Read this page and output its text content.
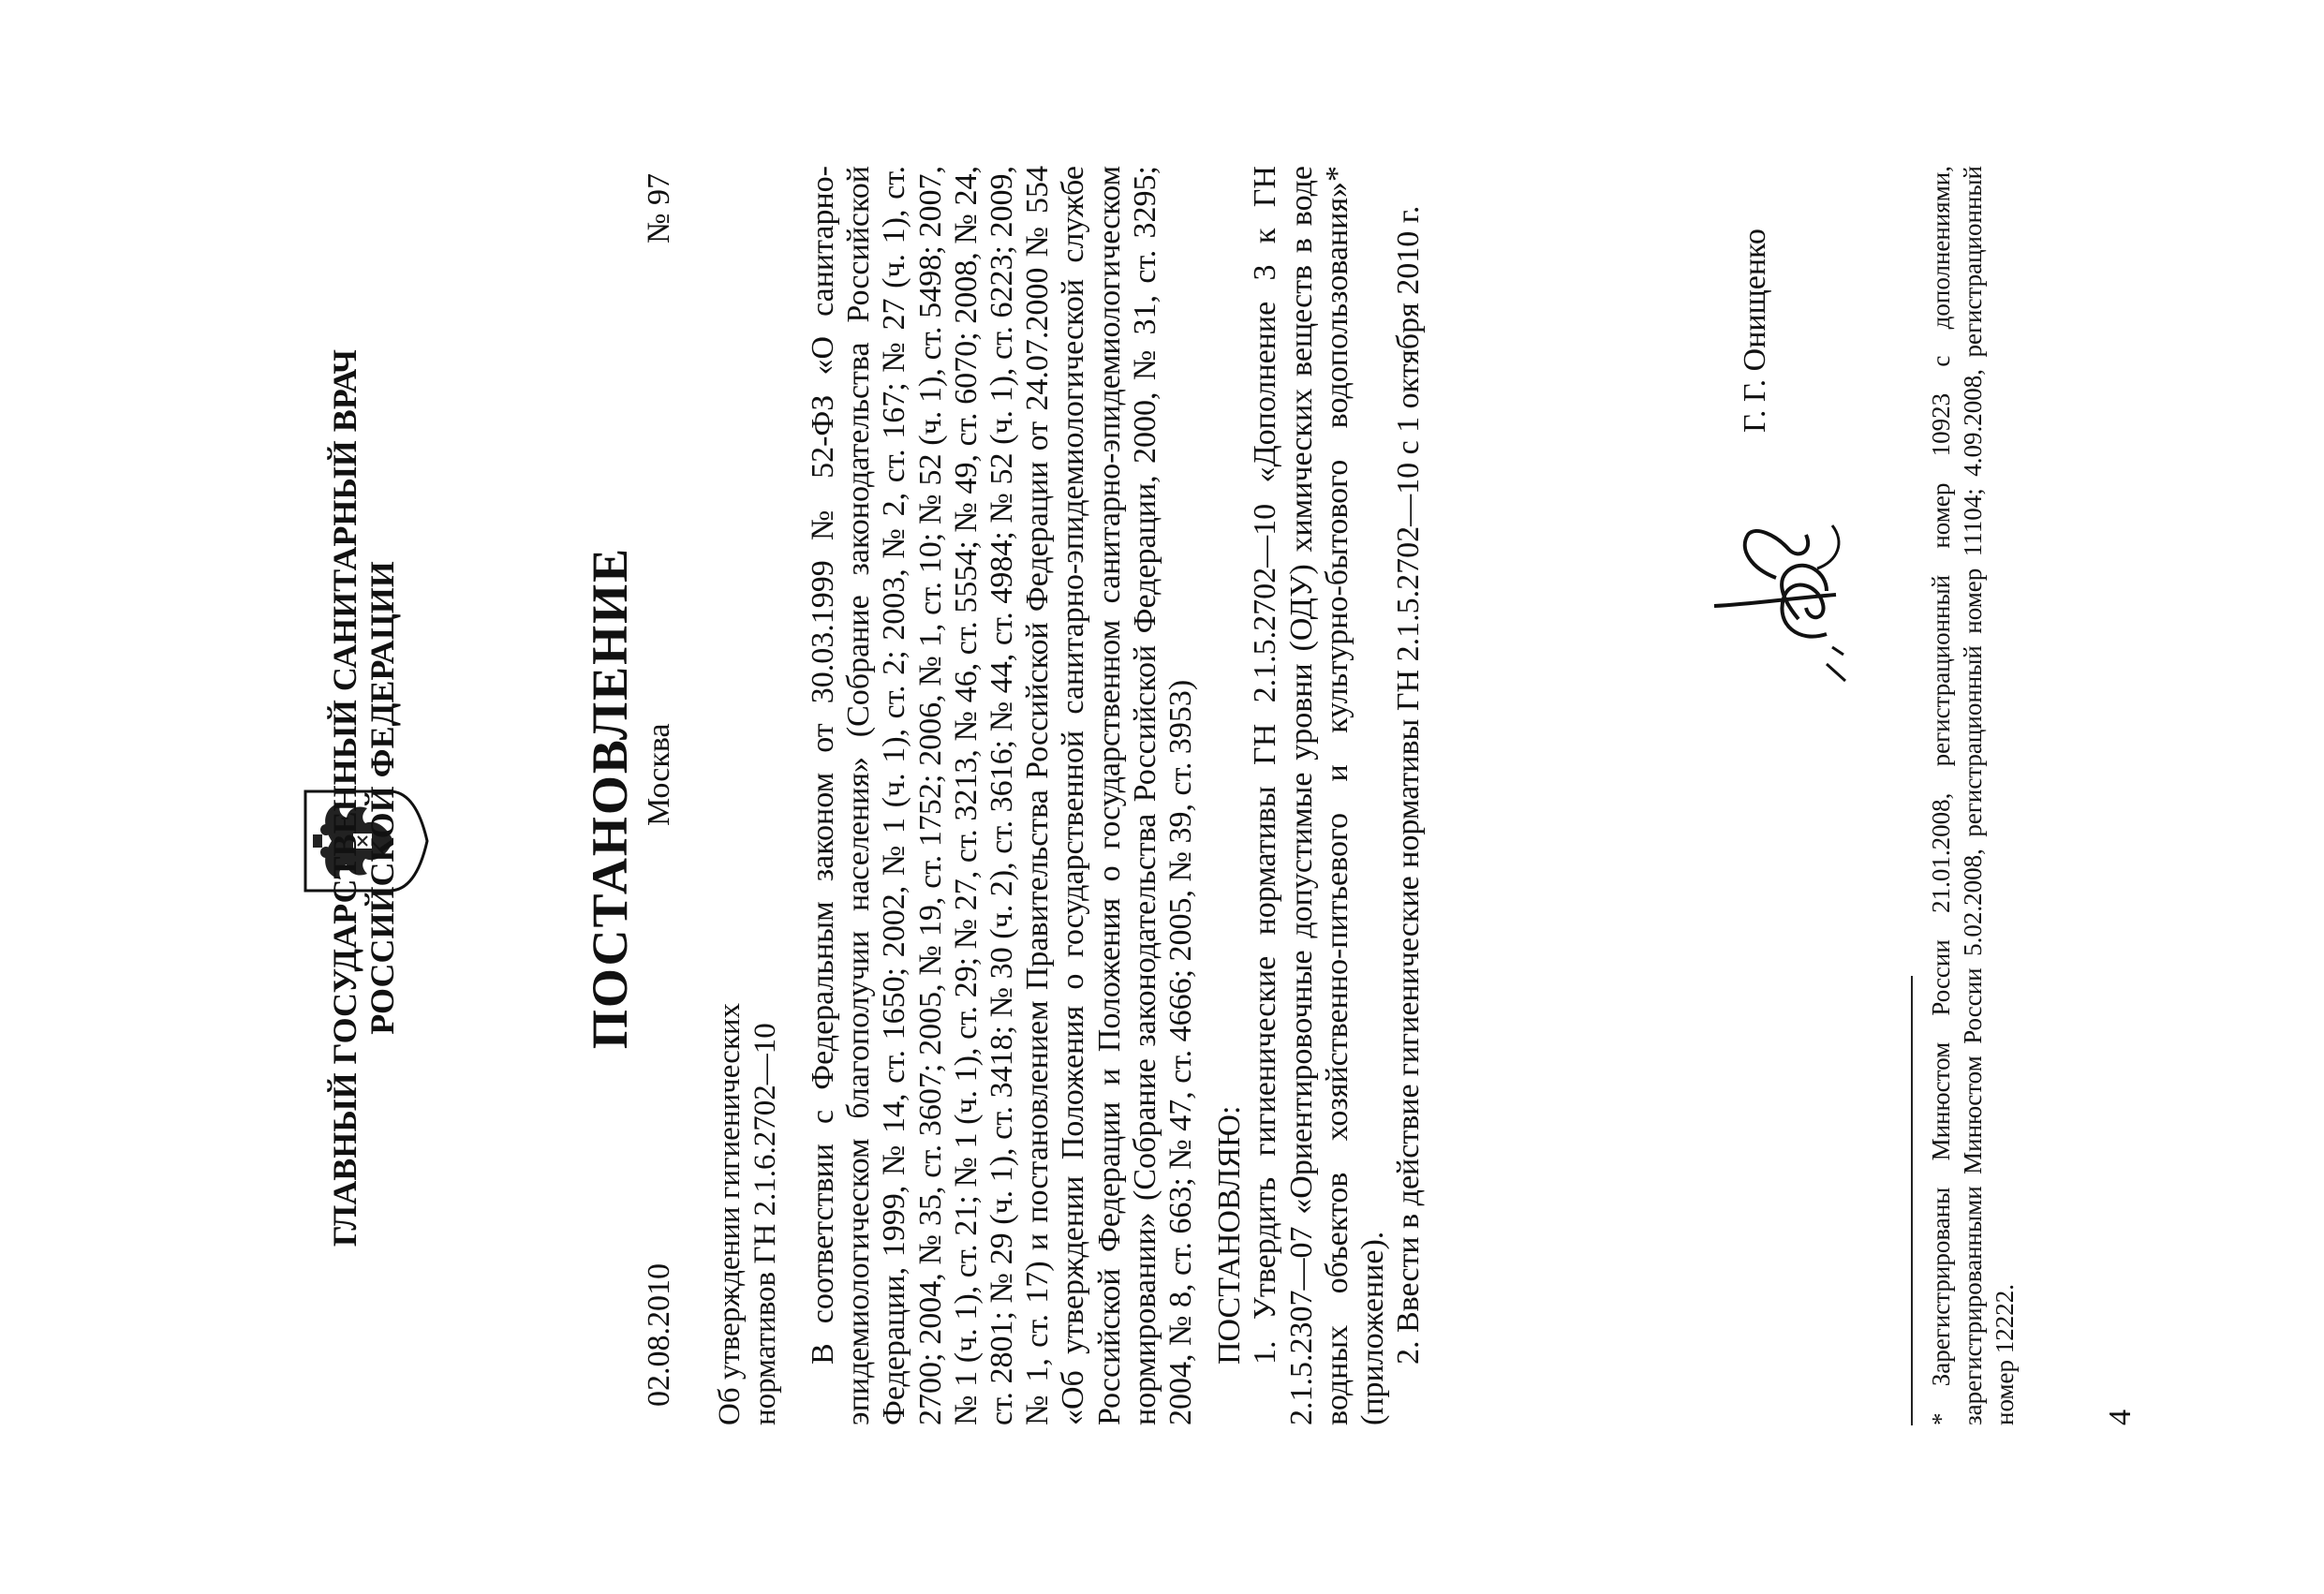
ГЛАВНЫЙ ГОСУДАРСТВЕННЫЙ САНИТАРНЫЙ ВРАЧ РОССИЙСКОЙ ФЕДЕРАЦИИ	ПОСТАНОВЛЕНИЕ
02.08.2010
Москва
№ 97
Об утверждении гигиенических нормативов ГН 2.1.6.2702—10 В соответствии с Федеральным законом от 30.03.1999 № 52-ФЗ «О санитарно-эпидемиологическом благополучии населения» (Собрание законодательства Российской Федерации, 1999, № 14, ст. 1650; 2002, № 1 (ч. 1), ст. 2; 2003, № 2, ст. 167; № 27 (ч. 1), ст. 2700; 2004, № 35, ст. 3607; 2005, № 19, ст. 1752; 2006, № 1, ст. 10; № 52 (ч. 1), ст. 5498; 2007, № 1 (ч. 1), ст. 21; № 1 (ч. 1), ст. 29; № 27, ст. 3213, № 46, ст. 5554; № 49, ст. 6070; 2008, № 24, ст. 2801; № 29 (ч. 1), ст. 3418; № 30 (ч. 2), ст. 3616; № 44, ст. 4984; № 52 (ч. 1), ст. 6223; 2009, № 1, ст. 17) и постановлением Правительства Российской Федерации от 24.07.2000 № 554 «Об утверждении Положения о государственной санитарно-эпидемиологической службе Российской Федерации и Положения о государственном санитарно-эпидемиологическом нормировании» (Собрание законодательства Российской Федерации, 2000, № 31, ст. 3295; 2004, № 8, ст. 663; № 47, ст. 4666; 2005, № 39, ст. 3953) ПОСТАНОВЛЯЮ: 1. Утвердить гигиенические нормативы ГН 2.1.5.2702—10 «Дополнение 3 к ГН 2.1.5.2307—07 «Ориентировочные допустимые уровни (ОДУ) химических веществ в воде водных объектов хозяйственно-питьевого и культурно-бытового водопользования»* (приложение). 2. Ввести в действие гигиенические нормативы ГН 2.1.5.2702—10 с 1 октября 2010 г.	Г. Г. Онищенко	* Зарегистрированы Минюстом России 21.01.2008, регистрационный номер 10923 с дополнениями, зарегистрированными Минюстом России 5.02.2008, регистрационный номер 11104; 4.09.2008, регистрационный номер 12222.	4
